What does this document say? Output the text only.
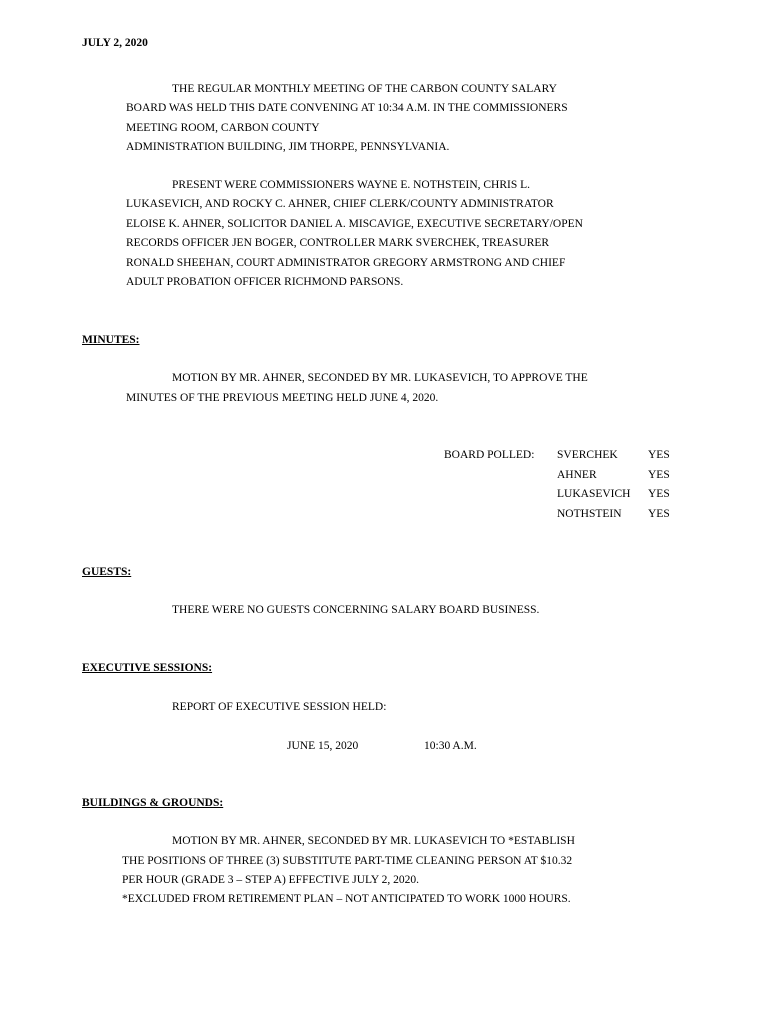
JULY 2, 2020
THE REGULAR MONTHLY MEETING OF THE CARBON COUNTY SALARY
BOARD WAS HELD THIS DATE CONVENING AT 10:34 A.M. IN THE COMMISSIONERS
MEETING ROOM, CARBON COUNTY
ADMINISTRATION BUILDING, JIM THORPE, PENNSYLVANIA.
PRESENT WERE COMMISSIONERS WAYNE E. NOTHSTEIN, CHRIS L.
LUKASEVICH, AND ROCKY C. AHNER, CHIEF CLERK/COUNTY ADMINISTRATOR
ELOISE K. AHNER, SOLICITOR DANIEL A. MISCAVIGE, EXECUTIVE SECRETARY/OPEN
RECORDS OFFICER JEN BOGER, CONTROLLER MARK SVERCHEK, TREASURER
RONALD SHEEHAN, COURT ADMINISTRATOR GREGORY ARMSTRONG AND CHIEF
ADULT PROBATION OFFICER RICHMOND PARSONS.
MINUTES:
MOTION BY MR. AHNER, SECONDED BY MR. LUKASEVICH, TO APPROVE THE
MINUTES OF THE PREVIOUS MEETING HELD JUNE 4, 2020.
BOARD POLLED: SVERCHEK	YES
AHNER	YES
LUKASEVICH YES
NOTHSTEIN YES
GUESTS:
THERE WERE NO GUESTS CONCERNING SALARY BOARD BUSINESS.
EXECUTIVE SESSIONS:
REPORT OF EXECUTIVE SESSION HELD:
JUNE 15, 2020	10:30 A.M.
BUILDINGS & GROUNDS:
MOTION BY MR. AHNER, SECONDED BY MR. LUKASEVICH TO *ESTABLISH
THE POSITIONS OF THREE (3) SUBSTITUTE PART-TIME CLEANING PERSON AT $10.32
PER HOUR (GRADE 3 – STEP A) EFFECTIVE JULY 2, 2020.
*EXCLUDED FROM RETIREMENT PLAN – NOT ANTICIPATED TO WORK 1000 HOURS.
